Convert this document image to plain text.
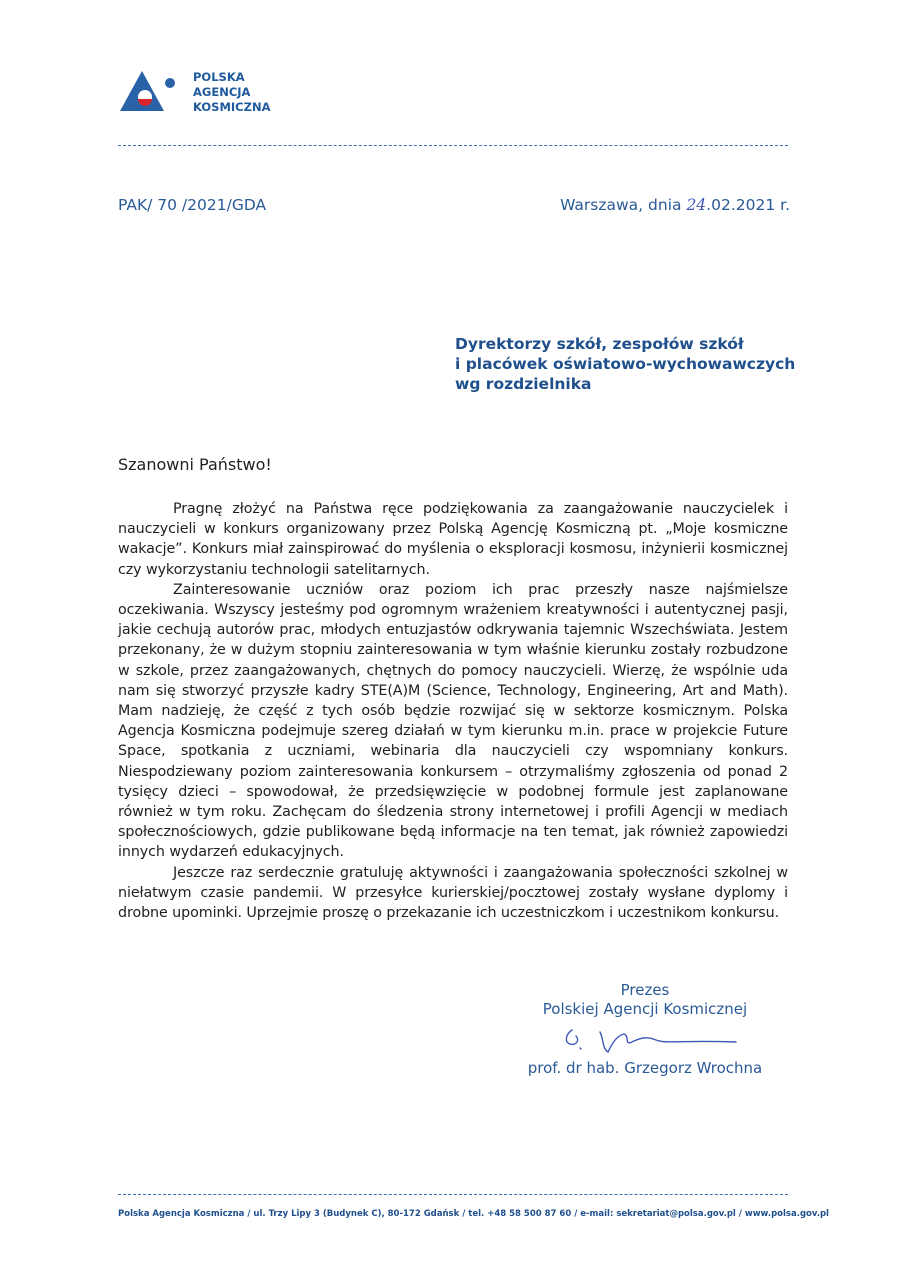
POLSKA
AGENCJA
KOSMICZNA
PAK/ 70 /2021/GDA	Warszawa, dnia 24.02.2021 r.
Dyrektorzy szkół, zespołów szkół
i placówek oświatowo-wychowawczych
wg rozdzielnika
Szanowni Państwo!

Pragnę złożyć na Państwa ręce podziękowania za zaangażowanie nauczycielek i nauczycieli w konkurs organizowany przez Polską Agencję Kosmiczną pt. „Moje kosmiczne wakacje”. Konkurs miał zainspirować do myślenia o eksploracji kosmosu, inżynierii kosmicznej czy wykorzystaniu technologii satelitarnych.

Zainteresowanie uczniów oraz poziom ich prac przeszły nasze najśmielsze oczekiwania. Wszyscy jesteśmy pod ogromnym wrażeniem kreatywności i autentycznej pasji, jakie cechują autorów prac, młodych entuzjastów odkrywania tajemnic Wszechświata. Jestem przekonany, że w dużym stopniu zainteresowania w tym właśnie kierunku zostały rozbudzone w szkole, przez zaangażowanych, chętnych do pomocy nauczycieli. Wierzę, że wspólnie uda nam się stworzyć przyszłe kadry STE(A)M (Science, Technology, Engineering, Art and Math). Mam nadzieję, że część z tych osób będzie rozwijać się w sektorze kosmicznym. Polska Agencja Kosmiczna podejmuje szereg działań w tym kierunku m.in. prace w projekcie Future Space, spotkania z uczniami, webinaria dla nauczycieli czy wspomniany konkurs. Niespodziewany poziom zainteresowania konkursem – otrzymaliśmy zgłoszenia od ponad 2 tysięcy dzieci – spowodował, że przedsięwzięcie w podobnej formule jest zaplanowane również w tym roku. Zachęcam do śledzenia strony internetowej i profili Agencji w mediach społecznościowych, gdzie publikowane będą informacje na ten temat, jak również zapowiedzi innych wydarzeń edukacyjnych.

Jeszcze raz serdecznie gratuluję aktywności i zaangażowania społeczności szkolnej w niełatwym czasie pandemii. W przesyłce kurierskiej/pocztowej zostały wysłane dyplomy i drobne upominki. Uprzejmie proszę o przekazanie ich uczestniczkom i uczestnikom konkursu.

Prezes
Polskiej Agencji Kosmicznej
prof. dr hab. Grzegorz Wrochna
Polska Agencja Kosmiczna / ul. Trzy Lipy 3 (Budynek C), 80-172 Gdańsk / tel. +48 58 500 87 60 / e-mail: sekretariat@polsa.gov.pl / www.polsa.gov.pl
